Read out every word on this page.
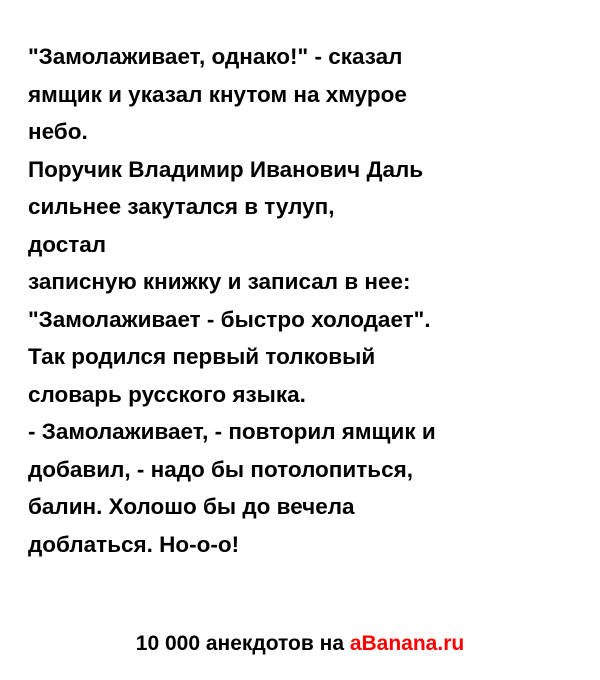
"Замолаживает, однако!" - сказал
ямщик и указал кнутом на хмурое
небо.
Поручик Владимир Иванович Даль
сильнее закутался в тулуп,
достал
записную книжку и записал в нее:
"Замолаживает - быстро холодает".
Так родился первый толковый
словарь русского языка.
- Замолаживает, - повторил ямщик и
добавил, - надо бы потолопиться,
балин. Холошо бы до вечела
доблаться. Но-о-о!
10 000 анекдотов на aBanana.ru
